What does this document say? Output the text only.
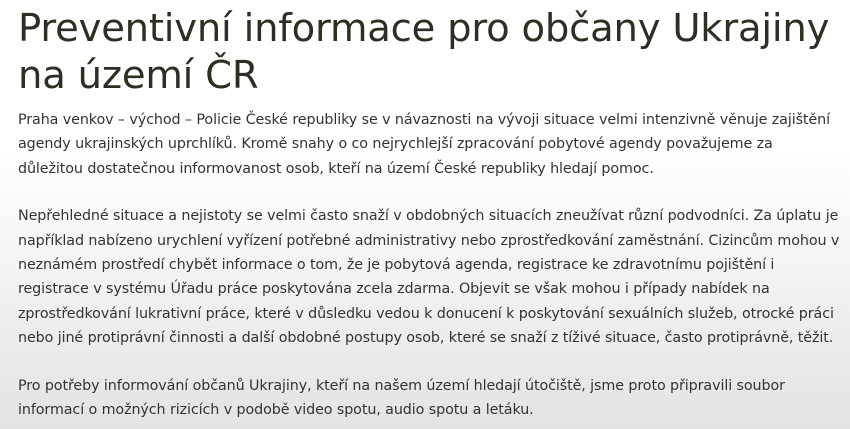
Preventivní informace pro občany Ukrajiny na území ČR

Praha venkov – východ – Policie České republiky se v návaznosti na vývoji situace velmi intenzivně věnuje zajištění agendy ukrajinských uprchlíků. Kromě snahy o co nejrychlejší zpracování pobytové agendy považujeme za důležitou dostatečnou informovanost osob, kteří na území České republiky hledají pomoc.

Nepřehledné situace a nejistoty se velmi často snaží v obdobných situacích zneužívat různí podvodníci. Za úplatu je například nabízeno urychlení vyřízení potřebné administrativy nebo zprostředkování zaměstnání. Cizincům mohou v neznámém prostředí chybět informace o tom, že je pobytová agenda, registrace ke zdravotnímu pojištění i registrace v systému Úřadu práce poskytována zcela zdarma. Objevit se však mohou i případy nabídek na zprostředkování lukrativní práce, které v důsledku vedou k donucení k poskytování sexuálních služeb, otrocké práci nebo jiné protiprávní činnosti a další obdobné postupy osob, které se snaží z tíživé situace, často protiprávně, těžit.

Pro potřeby informování občanů Ukrajiny, kteří na našem území hledají útočiště, jsme proto připravili soubor informací o možných rizicích v podobě video spotu, audio spotu a letáku.
